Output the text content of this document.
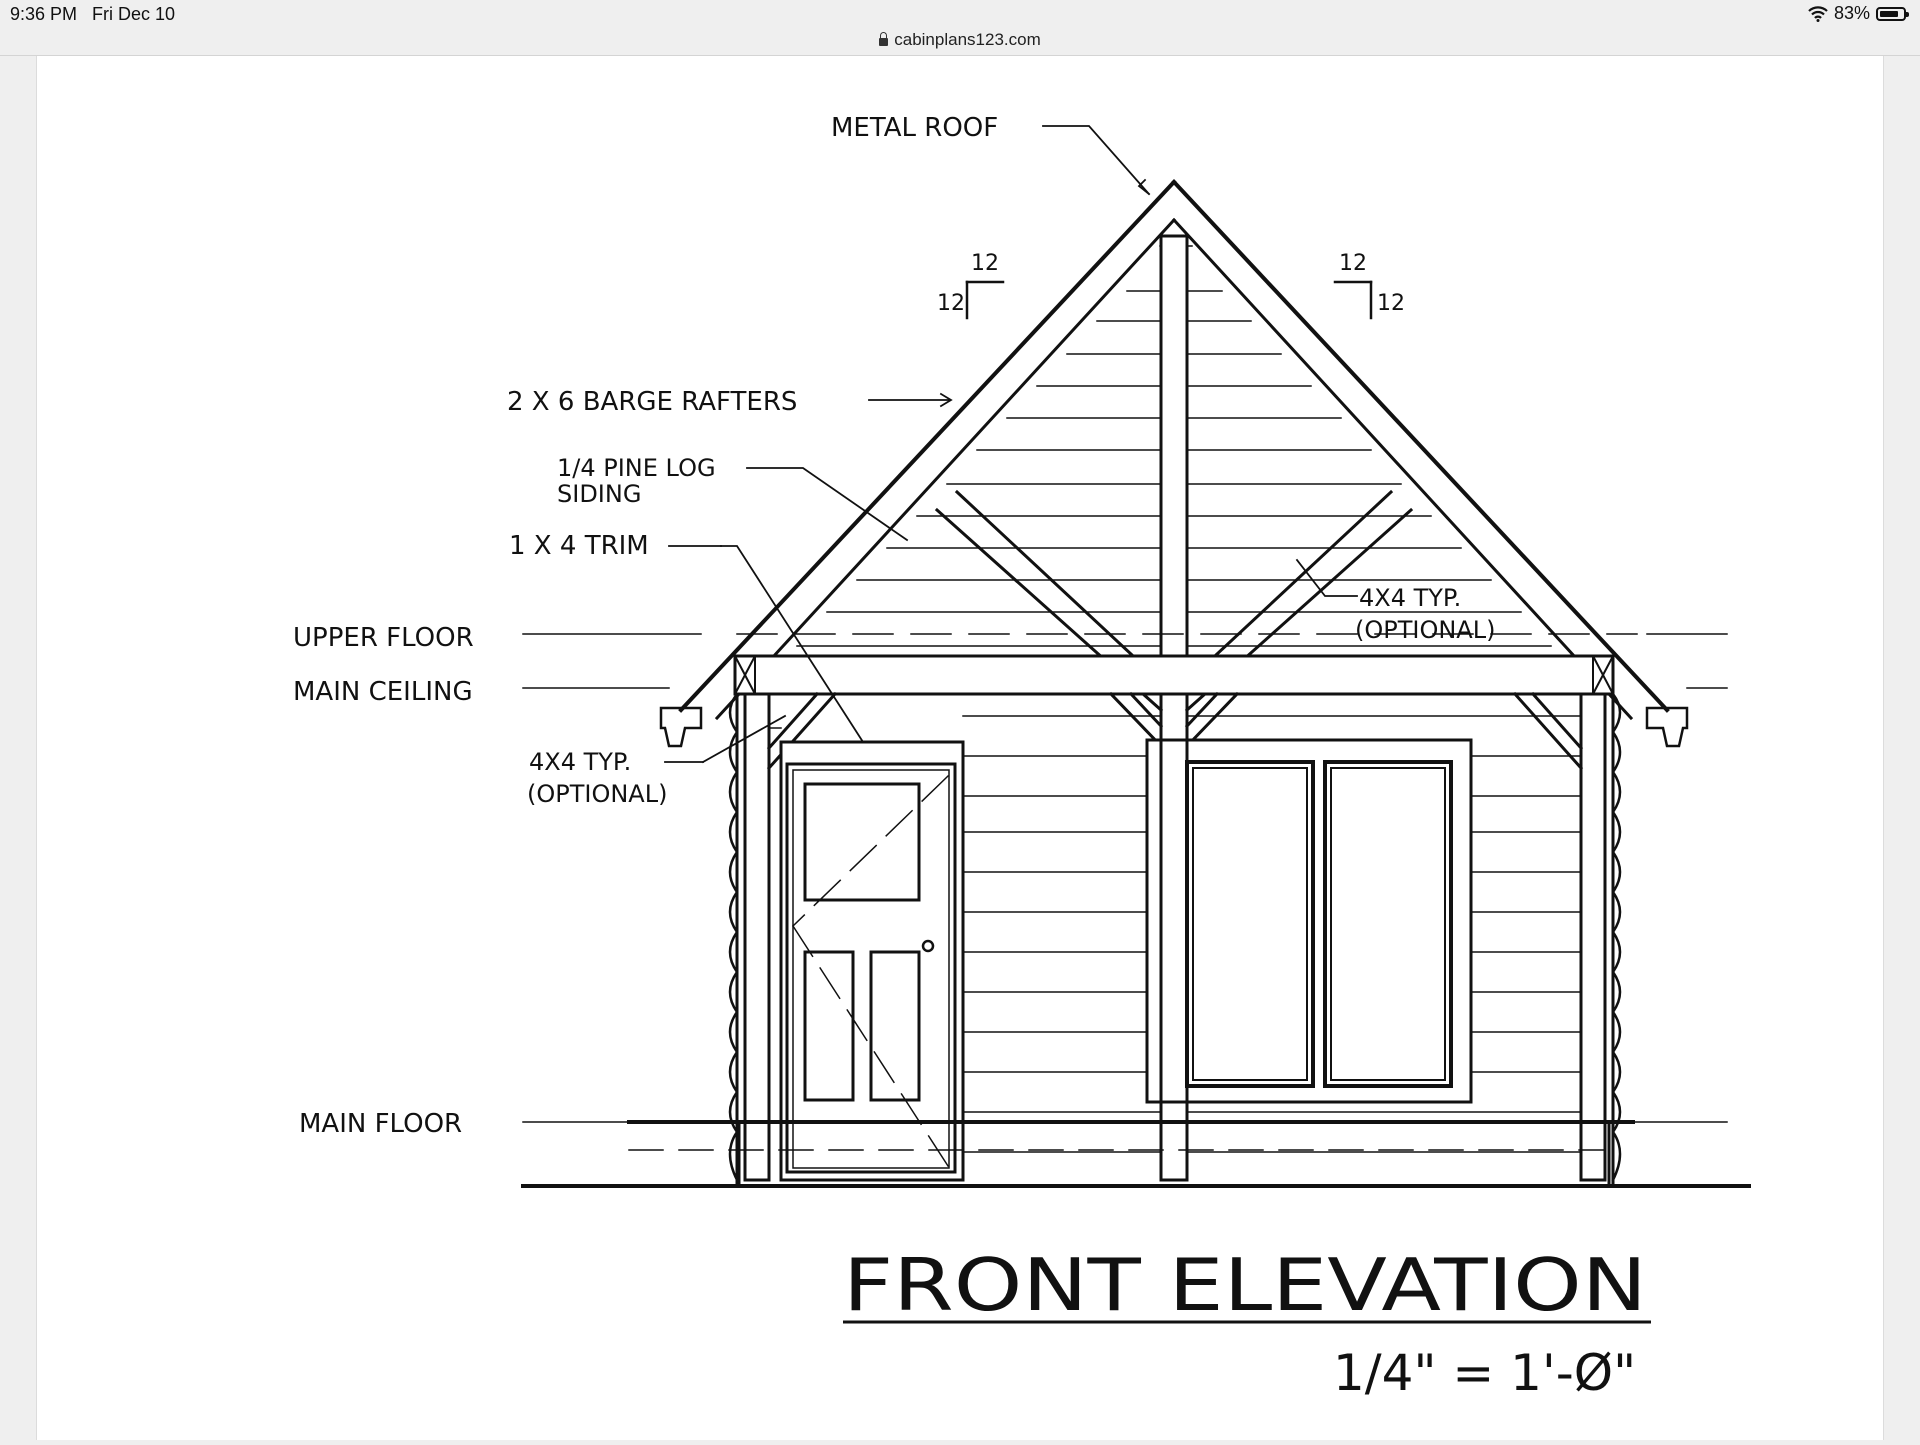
9:36 PM Fri Dec 10	83%
cabinplans123.com
METAL ROOF
12
12
12
12
2 X 6 BARGE RAFTERS
1/4 PINE LOG
SIDING
1 X 4 TRIM
UPPER FLOOR
MAIN CEILING
4X4 TYP.
(OPTIONAL)
4X4 TYP.
(OPTIONAL)
MAIN FLOOR
FRONT ELEVATION
1/4" = 1'-Ø"
